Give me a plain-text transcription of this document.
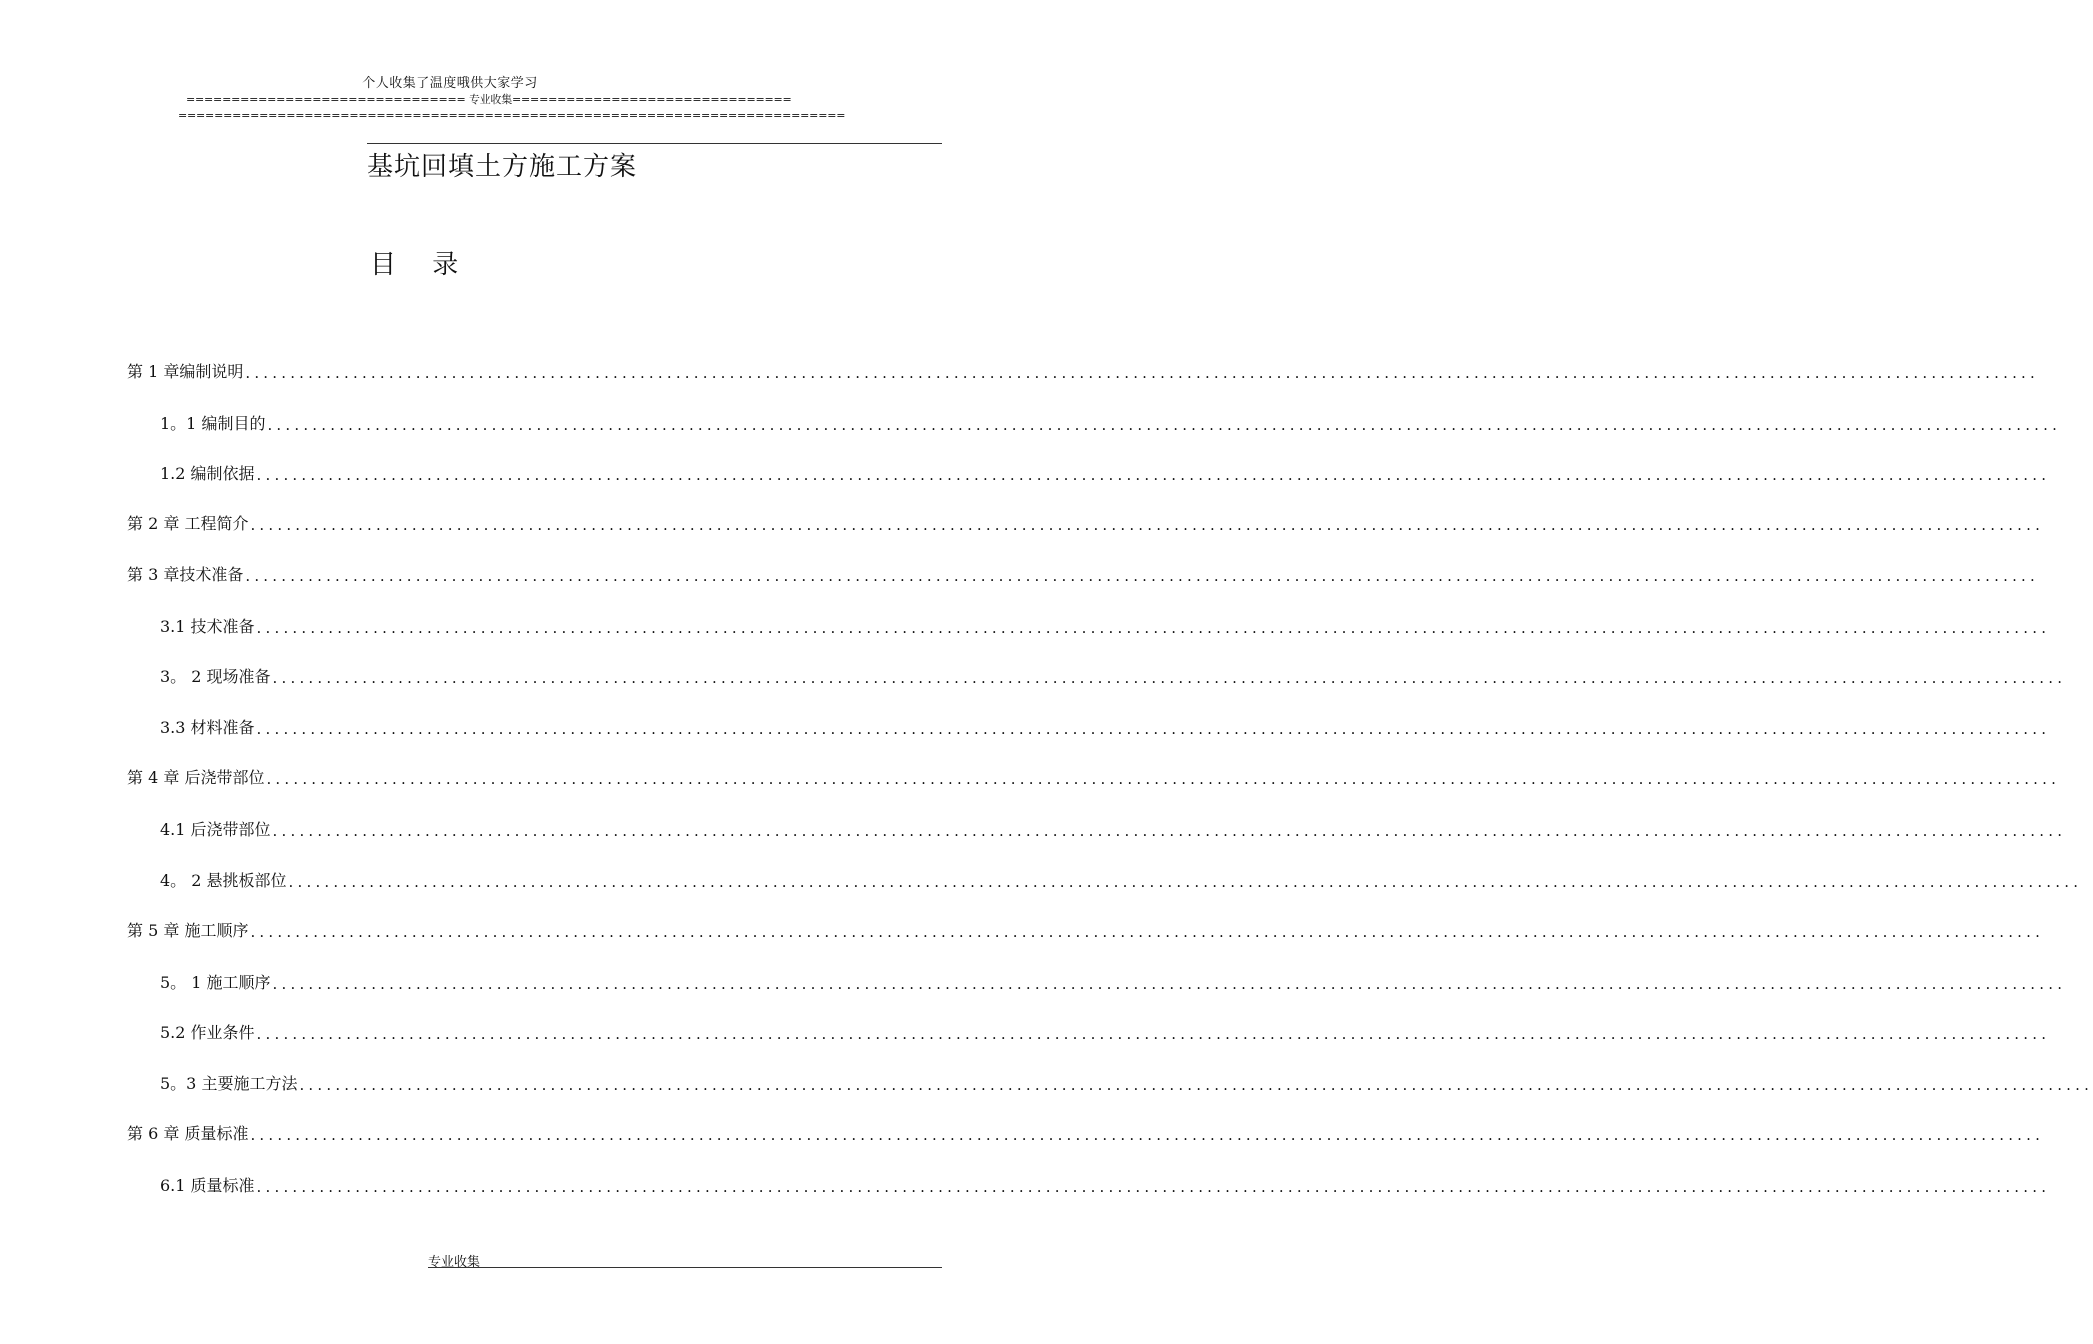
个人收集了温度哦供大家学习
=============================== 专业收集===============================
==========================================================================
基坑回填土方施工方案
目 录
第 1 章编制说明 ........................................................................................................................................................................................................
1。1 编制目的 ........................................................................................................................................................................................................
1.2 编制依据 ........................................................................................................................................................................................................
第 2 章 工程简介 ........................................................................................................................................................................................................
第 3 章技术准备 ........................................................................................................................................................................................................
3.1 技术准备 ........................................................................................................................................................................................................
3。 2 现场准备 ........................................................................................................................................................................................................
3.3 材料准备 ........................................................................................................................................................................................................
第 4 章 后浇带部位 ........................................................................................................................................................................................................
4.1 后浇带部位 ........................................................................................................................................................................................................
4。 2 悬挑板部位 ........................................................................................................................................................................................................
第 5 章 施工顺序 ........................................................................................................................................................................................................
5。 1 施工顺序 ........................................................................................................................................................................................................
5.2 作业条件 ........................................................................................................................................................................................................
5。3 主要施工方法 ........................................................................................................................................................................................................
第 6 章 质量标准 ........................................................................................................................................................................................................
6.1 质量标准 ........................................................................................................................................................................................................
专业收集
